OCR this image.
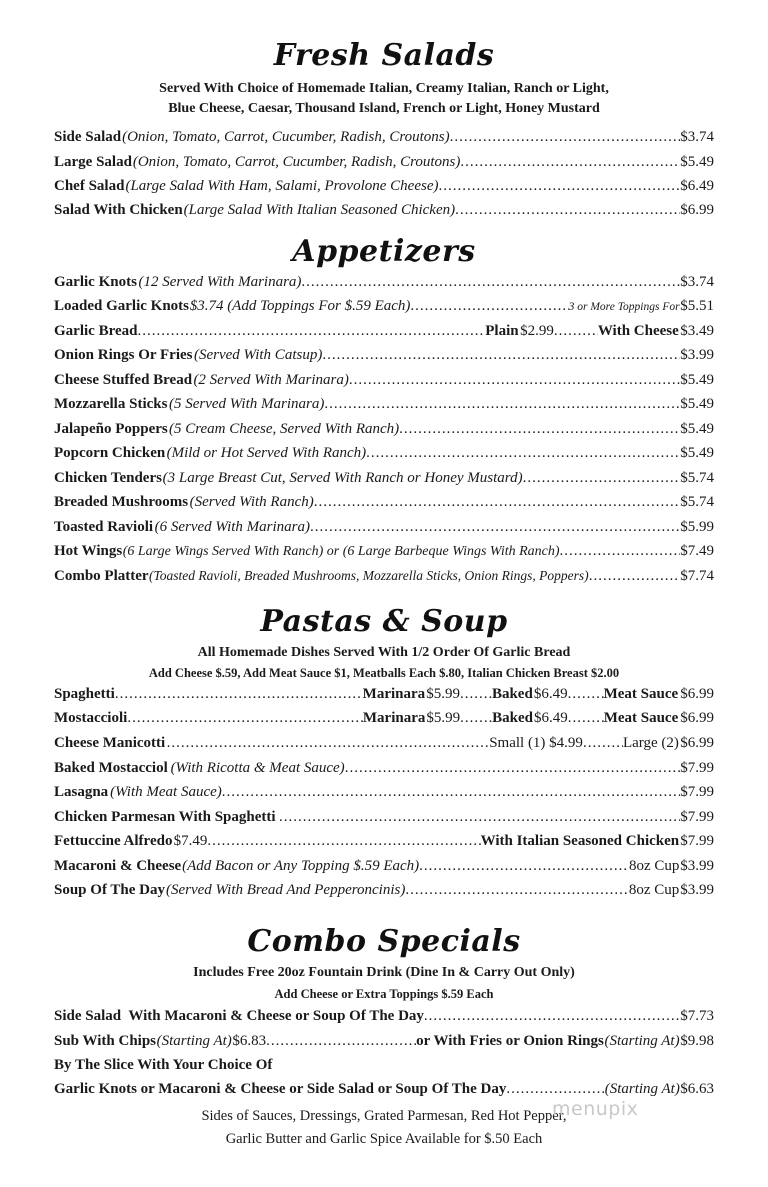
Fresh Salads
Served With Choice of Homemade Italian, Creamy Italian, Ranch or Light,
Blue Cheese, Caesar, Thousand Island, French or Light, Honey Mustard
Side Salad (Onion, Tomato, Carrot, Cucumber, Radish, Croutons) .....	$3.74
Large Salad (Onion, Tomato, Carrot, Cucumber, Radish, Croutons) .....	$5.49
Chef Salad (Large Salad With Ham, Salami, Provolone Cheese) .....	$6.49
Salad With Chicken (Large Salad With Italian Seasoned Chicken) .....	$6.99
Appetizers
Garlic Knots (12 Served With Marinara) .....	$3.74
Loaded Garlic Knots $3.74 (Add Toppings For $.59 Each) .....	3 or More Toppings For $5.51
Garlic Bread .....	Plain $2.99 .....	With Cheese $3.49
Onion Rings Or Fries (Served With Catsup) .....	$3.99
Cheese Stuffed Bread (2 Served With Marinara) .....	$5.49
Mozzarella Sticks (5 Served With Marinara) .....	$5.49
Jalapeño Poppers (5 Cream Cheese, Served With Ranch) .....	$5.49
Popcorn Chicken (Mild or Hot Served With Ranch) .....	$5.49
Chicken Tenders (3 Large Breast Cut, Served With Ranch or Honey Mustard) .....	$5.74
Breaded Mushrooms (Served With Ranch) .....	$5.74
Toasted Ravioli (6 Served With Marinara) .....	$5.99
Hot Wings (6 Large Wings Served With Ranch) or (6 Large Barbeque Wings With Ranch) .....	$7.49
Combo Platter (Toasted Ravioli, Breaded Mushrooms, Mozzarella Sticks, Onion Rings, Poppers) .....	$7.74
Pastas & Soup
All Homemade Dishes Served With 1/2 Order Of Garlic Bread
Add Cheese $.59, Add Meat Sauce $1, Meatballs Each $.80, Italian Chicken Breast $2.00
Spaghetti .....	Marinara $5.99 ..... Baked $6.49 ..... Meat Sauce $6.99
Mostaccioli .....	Marinara $5.99 ..... Baked $6.49 ..... Meat Sauce $6.99
Cheese Manicotti .....	Small (1) $4.99 .....	Large (2) $6.99
Baked Mostacciol (With Ricotta & Meat Sauce) .....	$7.99
Lasagna (With Meat Sauce) .....	$7.99
Chicken Parmesan With Spaghetti .....	$7.99
Fettuccine Alfredo $7.49 .....	With Italian Seasoned Chicken $7.99
Macaroni & Cheese (Add Bacon or Any Topping $.59 Each) .....	8oz Cup $3.99
Soup Of The Day (Served With Bread And Pepperoncinis) .....	8oz Cup $3.99
Combo Specials
Includes Free 20oz Fountain Drink (Dine In & Carry Out Only)
Add Cheese or Extra Toppings $.59 Each
Side Salad  With Macaroni & Cheese or Soup Of The Day .....	$7.73
Sub With Chips (Starting At) $6.83 .....	or With Fries or Onion Rings (Starting At) $9.98
By The Slice With Your Choice Of
Garlic Knots or Macaroni & Cheese or Side Salad or Soup Of The Day .....	(Starting At) $6.63
Sides of Sauces, Dressings, Grated Parmesan, Red Hot Pepper,
Garlic Butter and Garlic Spice Available for $.50 Each
menupix
